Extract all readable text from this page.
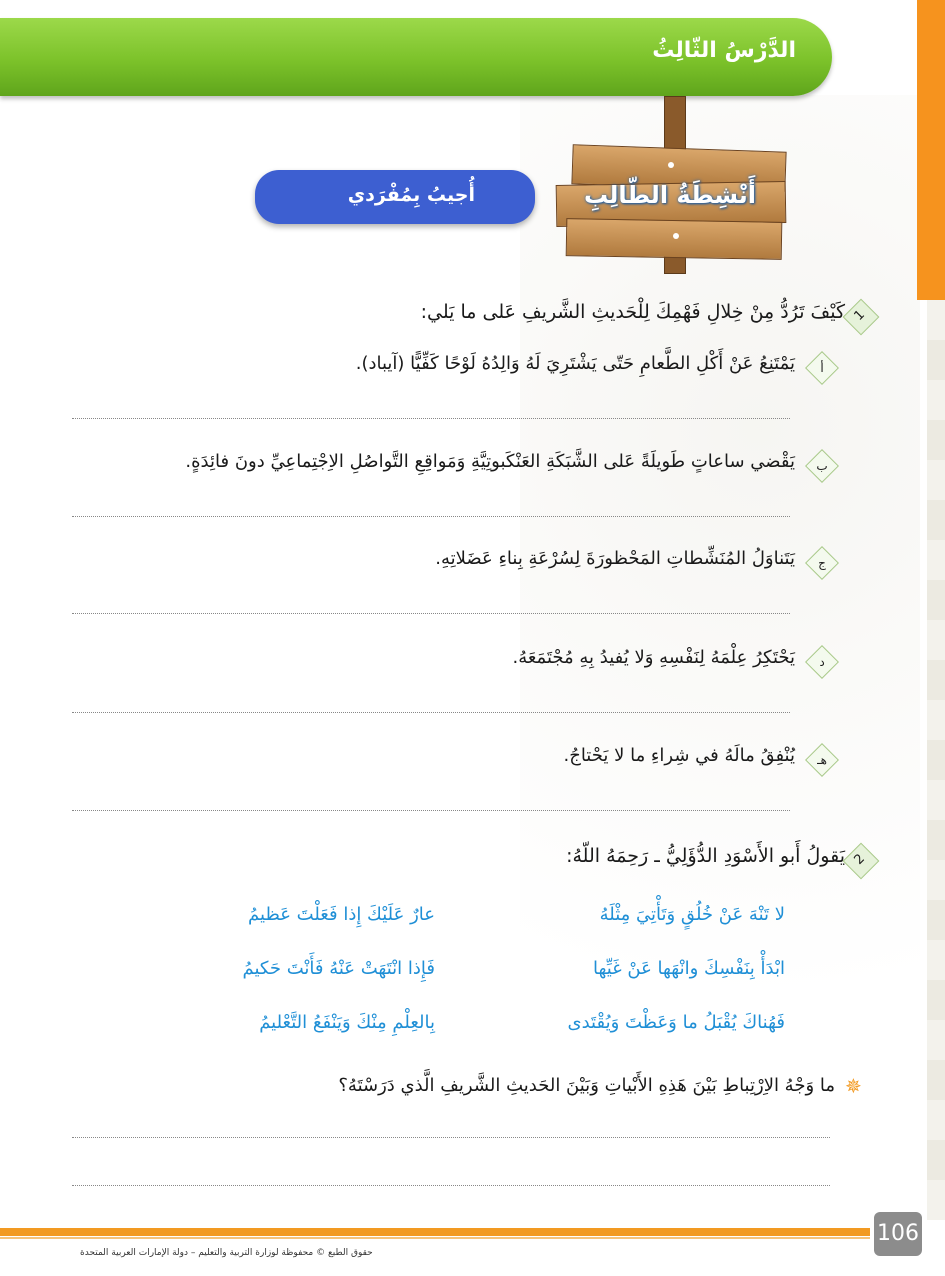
الدَّرْسُ الثّالِثُ
أَنْشِطَةُ الطّالِبِ
أُجيبُ بِمُفْرَدي
1
كَيْفَ تَرُدُّ مِنْ خِلالِ فَهْمِكَ لِلْحَديثِ الشَّريفِ عَلى ما يَلي:
أ
يَمْتَنِعُ عَنْ أَكْلِ الطَّعامِ حَتّى يَشْتَرِيَ لَهُ وَالِدُهُ لَوْحًا كَفِّيًّا (آيباد).
ب
يَقْضي ساعاتٍ طَويلَةً عَلى الشَّبَكَةِ العَنْكَبوتِيَّةِ وَمَواقِعِ التَّواصُلِ الاِجْتِماعِيِّ دونَ فائِدَةٍ.
ج
يَتَناوَلُ المُنَشِّطاتِ المَحْظورَةَ لِسُرْعَةِ بِناءِ عَضَلاتِهِ.
د
يَحْتَكِرُ عِلْمَهُ لِنَفْسِهِ وَلا يُفيدُ بِهِ مُجْتَمَعَهُ.
هـ
يُنْفِقُ مالَهُ في شِراءِ ما لا يَحْتاجُ.
2
يَقولُ أَبو الأَسْوَدِ الدُّؤَلِيُّ ـ رَحِمَهُ اللّهُ:
لا تَنْهَ عَنْ خُلُقٍ وَتَأْتِيَ مِثْلَهُ
عارٌ عَلَيْكَ إِذا فَعَلْتَ عَظيمُ
ابْدَأْ بِنَفْسِكَ وانْهَها عَنْ غَيِّها
فَإِذا انْتَهَتْ عَنْهُ فَأَنْتَ حَكيمُ
فَهُناكَ يُقْبَلُ ما وَعَظْتَ وَيُقْتَدى
بِالعِلْمِ مِنْكَ وَيَنْفَعُ التَّعْليمُ
✵
ما وَجْهُ الاِرْتِباطِ بَيْنَ هَذِهِ الأَبْياتِ وَبَيْنَ الحَديثِ الشَّريفِ الَّذي دَرَسْتَهُ؟
106
حقوق الطبع © محفوظة لوزارة التربية والتعليم – دولة الإمارات العربية المتحدة
